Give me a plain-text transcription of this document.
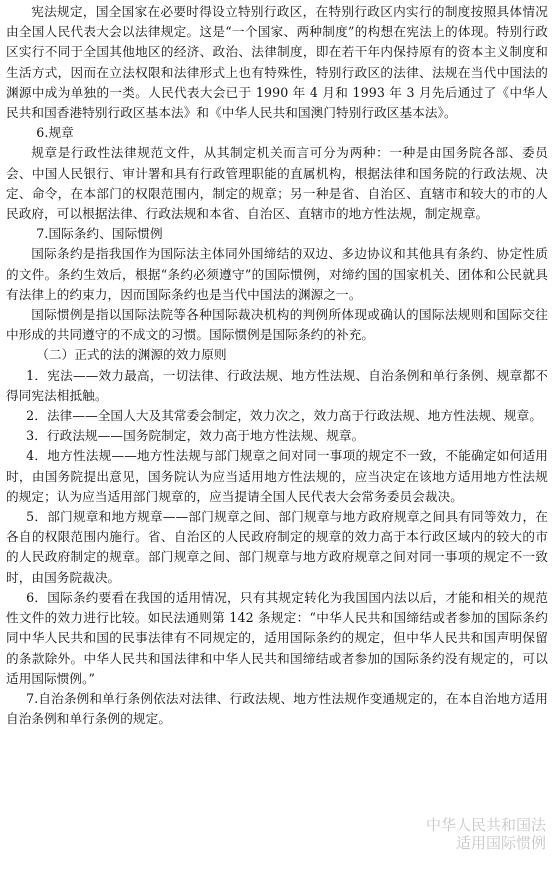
宪法规定，国全国家在必要时得设立特别行政区，在特别行政区内实行的制度按照具体情况由全国人民代表大会以法律规定。这是“一个国家、两种制度”的构想在宪法上的体现。特别行政区实行不同于全国其他地区的经济、政治、法律制度，即在若干年内保持原有的资本主义制度和生活方式，因而在立法权限和法律形式上也有特殊性，特别行政区的法律、法规在当代中国法的渊源中成为单独的一类。人民代表大会已于 1990 年 4 月和 1993 年 3 月先后通过了《中华人民共和国香港特别行政区基本法》和《中华人民共和国澳门特别行政区基本法》。

6.规章

规章是行政性法律规范文件，从其制定机关而言可分为两种：一种是由国务院各部、委员会、中国人民银行、审计署和具有行政管理职能的直属机构，根据法律和国务院的行政法规、决定、命令，在本部门的权限范围内，制定的规章；另一种是省、自治区、直辖市和较大的市的人民政府，可以根据法律、行政法规和本省、自治区、直辖市的地方性法规，制定规章。

7.国际条约、国际惯例

国际条约是指我国作为国际法主体同外国缔结的双边、多边协议和其他具有条约、协定性质的文件。条约生效后，根据“条约必须遵守”的国际惯例，对缔约国的国家机关、团体和公民就具有法律上的约束力，因而国际条约也是当代中国法的渊源之一。

国际惯例是指以国际法院等各种国际裁决机构的判例所体现或确认的国际法规则和国际交往中形成的共同遵守的不成文的习惯。国际惯例是国际条约的补充。

（二）正式的法的渊源的效力原则

1．宪法——效力最高，一切法律、行政法规、地方性法规、自治条例和单行条例、规章都不得同宪法相抵触。

2．法律——全国人大及其常委会制定，效力次之，效力高于行政法规、地方性法规、规章。

3．行政法规——国务院制定，效力高于地方性法规、规章。

4．地方性法规——地方性法规与部门规章之间对同一事项的规定不一致，不能确定如何适用时，由国务院提出意见，国务院认为应当适用地方性法规的，应当决定在该地方适用地方性法规的规定；认为应当适用部门规章的，应当提请全国人民代表大会常务委员会裁决。

5．部门规章和地方规章——部门规章之间、部门规章与地方政府规章之间具有同等效力，在各自的权限范围内施行。省、自治区的人民政府制定的规章的效力高于本行政区域内的较大的市的人民政府制定的规章。部门规章之间、部门规章与地方政府规章之间对同一事项的规定不一致时，由国务院裁决。

6．国际条约要看在我国的适用情况，只有其规定转化为我国国内法以后，才能和相关的规范性文件的效力进行比较。如民法通则第 142 条规定：“中华人民共和国缔结或者参加的国际条约同中华人民共和国的民事法律有不同规定的，适用国际条约的规定，但中华人民共和国声明保留的条款除外。中华人民共和国法律和中华人民共和国缔结或者参加的国际条约没有规定的，可以适用国际惯例。”

7.自治条例和单行条例依法对法律、行政法规、地方性法规作变通规定的，在本自治地方适用自治条例和单行条例的规定。

中华人民共和国法
适用国际惯例
